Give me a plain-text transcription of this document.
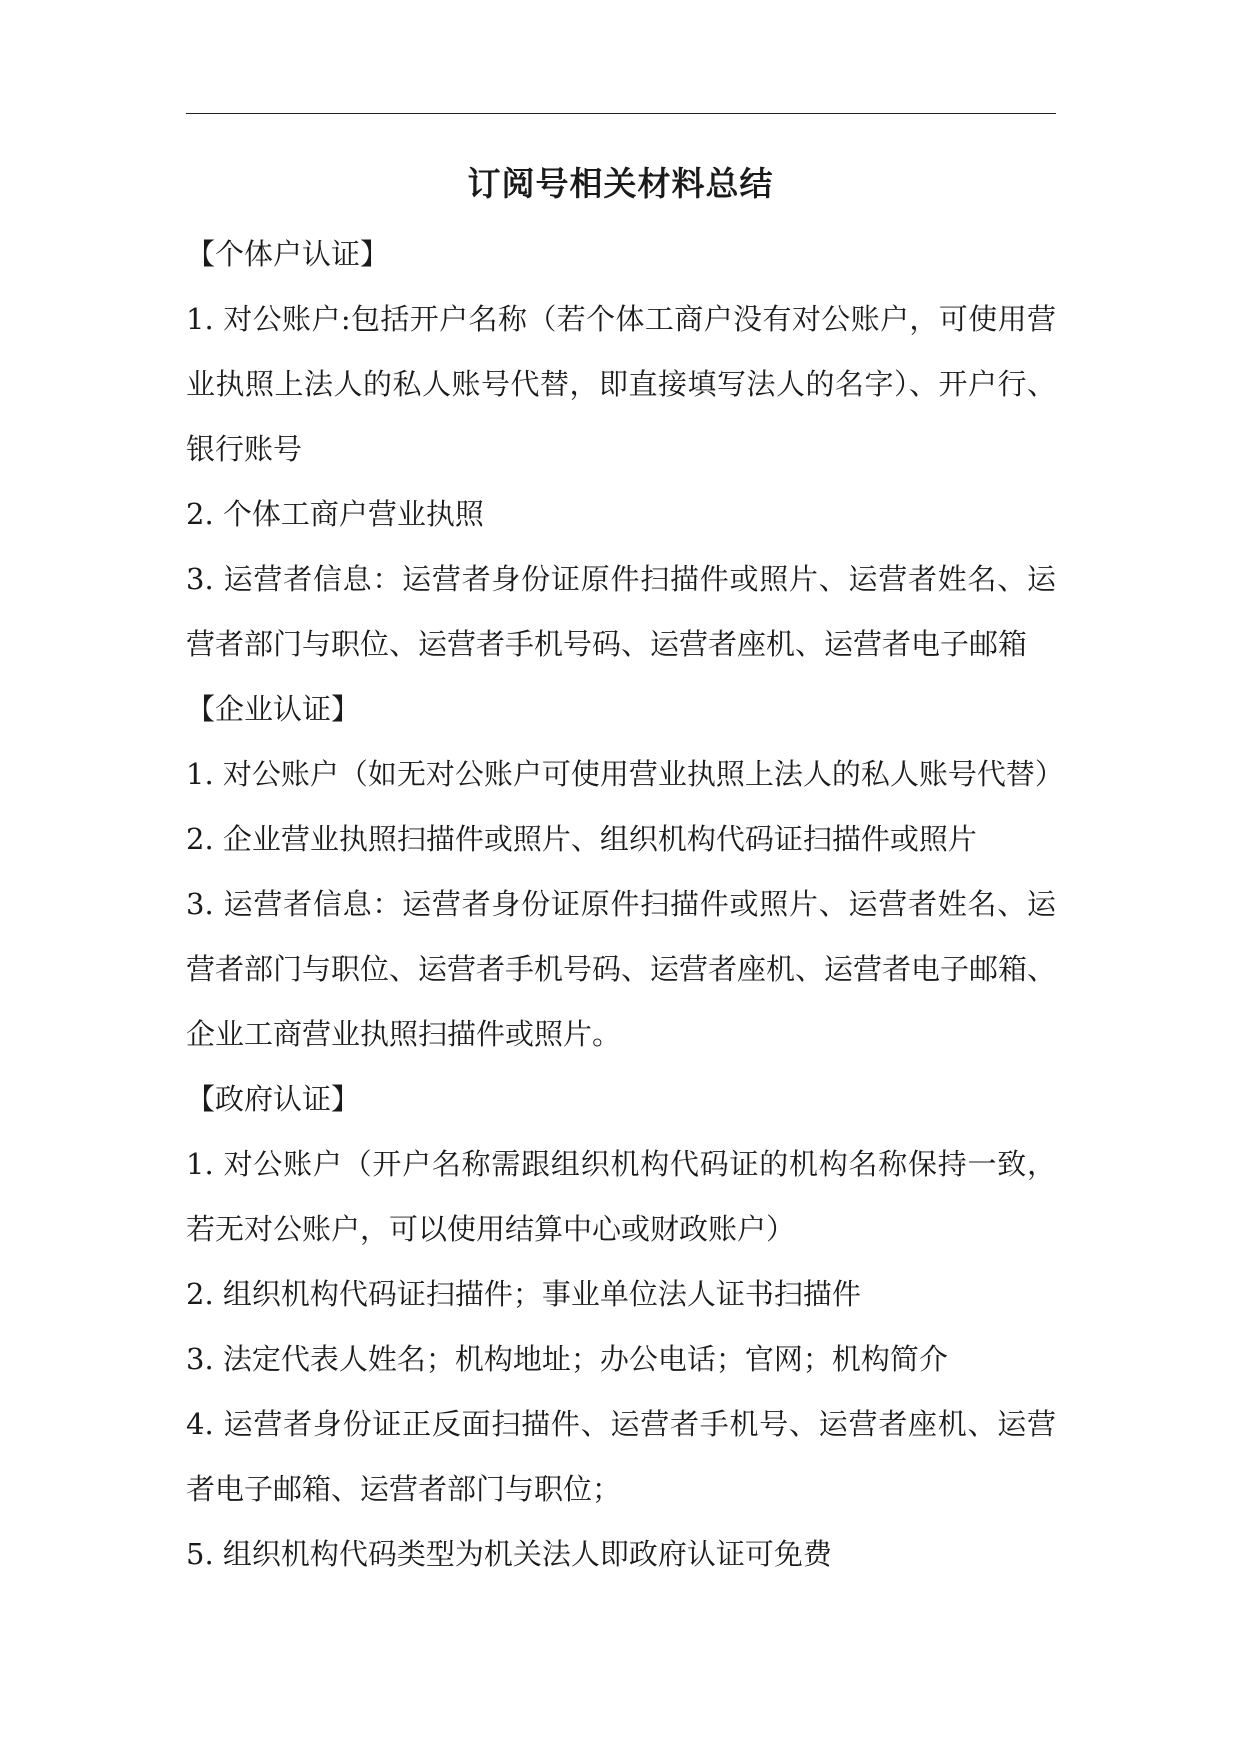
订阅号相关材料总结

【个体户认证】

1. 对公账户:包括开户名称（若个体工商户没有对公账户，可使用营业执照上法人的私人账号代替，即直接填写法人的名字）、开户行、银行账号

2. 个体工商户营业执照

3. 运营者信息：运营者身份证原件扫描件或照片、运营者姓名、运营者部门与职位、运营者手机号码、运营者座机、运营者电子邮箱

【企业认证】

1. 对公账户（如无对公账户可使用营业执照上法人的私人账号代替）

2. 企业营业执照扫描件或照片、组织机构代码证扫描件或照片

3. 运营者信息：运营者身份证原件扫描件或照片、运营者姓名、运营者部门与职位、运营者手机号码、运营者座机、运营者电子邮箱、企业工商营业执照扫描件或照片。

【政府认证】

1. 对公账户（开户名称需跟组织机构代码证的机构名称保持一致，若无对公账户，可以使用结算中心或财政账户）

2. 组织机构代码证扫描件；事业单位法人证书扫描件

3. 法定代表人姓名；机构地址；办公电话；官网；机构简介

4. 运营者身份证正反面扫描件、运营者手机号、运营者座机、运营者电子邮箱、运营者部门与职位；

5. 组织机构代码类型为机关法人即政府认证可免费
